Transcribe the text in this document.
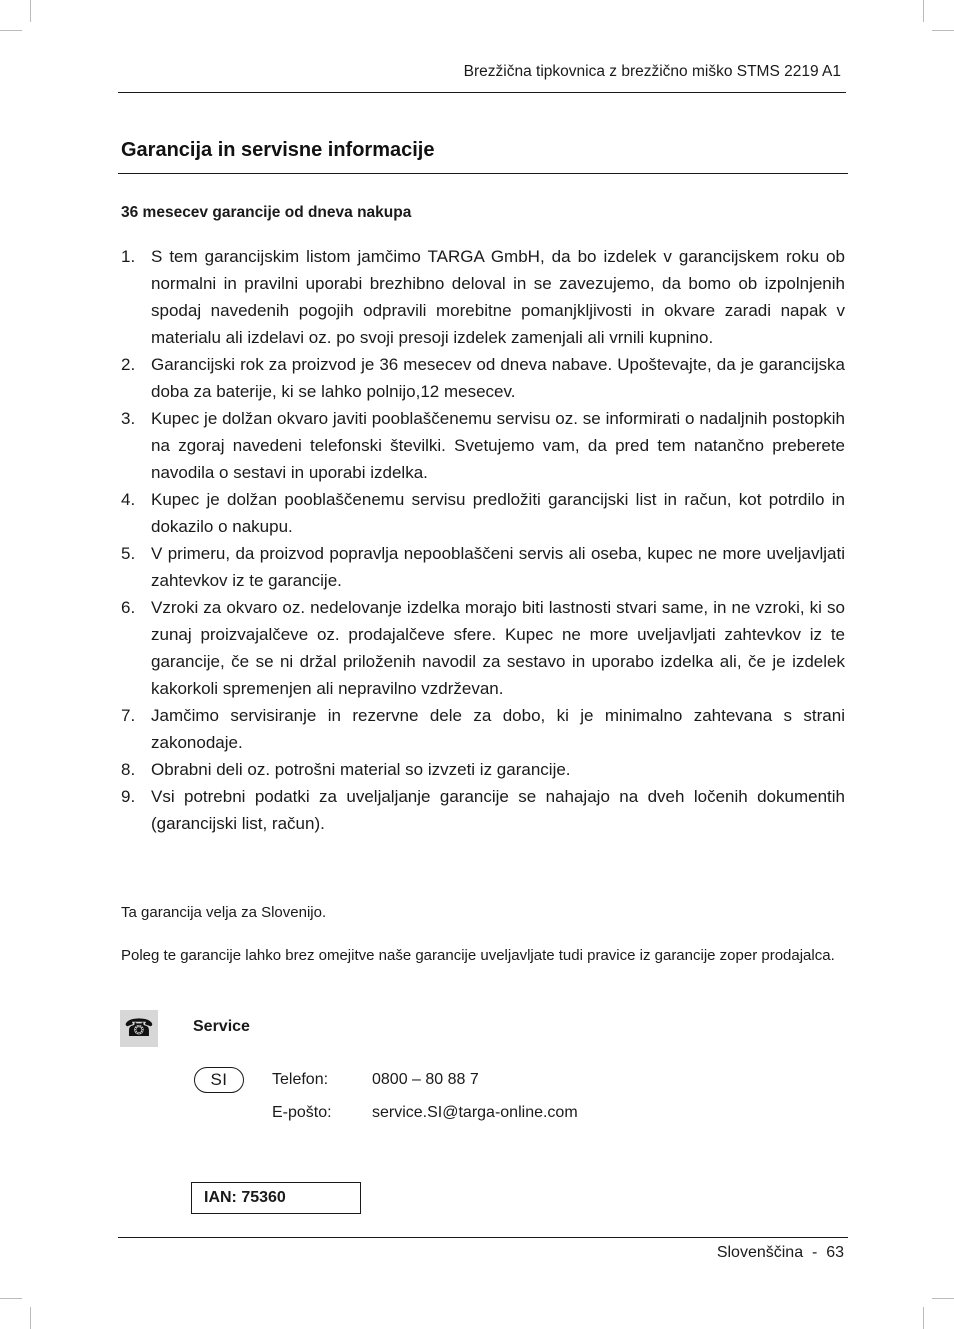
Brezžična tipkovnica z brezžično miško STMS 2219 A1
Garancija in servisne informacije
36 mesecev garancije od dneva nakupa
1. S tem garancijskim listom jamčimo TARGA GmbH, da bo izdelek v garancijskem roku ob normalni in pravilni uporabi brezhibno deloval in se zavezujemo, da bomo ob izpolnjenih spodaj navedenih pogojih odpravili morebitne pomanjkljivosti in okvare zaradi napak v materialu ali izdelavi oz. po svoji presoji izdelek zamenjali ali vrnili kupnino.
2. Garancijski rok za proizvod je 36 mesecev od dneva nabave. Upoštevajte, da je garancijska doba za baterije, ki se lahko polnijo,12 mesecev.
3. Kupec je dolžan okvaro javiti pooblaščenemu servisu oz. se informirati o nadaljnih postopkih na zgoraj navedeni telefonski številki. Svetujemo vam, da pred tem natančno preberete navodila o sestavi in uporabi izdelka.
4. Kupec je dolžan pooblaščenemu servisu predložiti garancijski list in račun, kot potrdilo in dokazilo o nakupu.
5. V primeru, da proizvod popravlja nepooblaščeni servis ali oseba, kupec ne more uveljavljati zahtevkov iz te garancije.
6. Vzroki za okvaro oz. nedelovanje izdelka morajo biti lastnosti stvari same, in ne vzroki, ki so zunaj proizvajalčeve oz. prodajalčeve sfere. Kupec ne more uveljavljati zahtevkov iz te garancije, če se ni držal priloženih navodil za sestavo in uporabo izdelka ali, če je izdelek kakorkoli spremenjen ali nepravilno vzdrževan.
7. Jamčimo servisiranje in rezervne dele za dobo, ki je minimalno zahtevana s strani zakonodaje.
8. Obrabni deli oz. potrošni material so izvzeti iz garancije.
9. Vsi potrebni podatki za uveljaljanje garancije se nahajajo na dveh ločenih dokumentih (garancijski list, račun).
Ta garancija velja za Slovenijo.
Poleg te garancije lahko brez omejitve naše garancije uveljavljate tudi pravice iz garancije zoper prodajalca.
☎ Service
SI	Telefon:	0800 – 80 88 7
E-pošto:	service.SI@targa-online.com
IAN: 75360
Slovenščina  -  63
